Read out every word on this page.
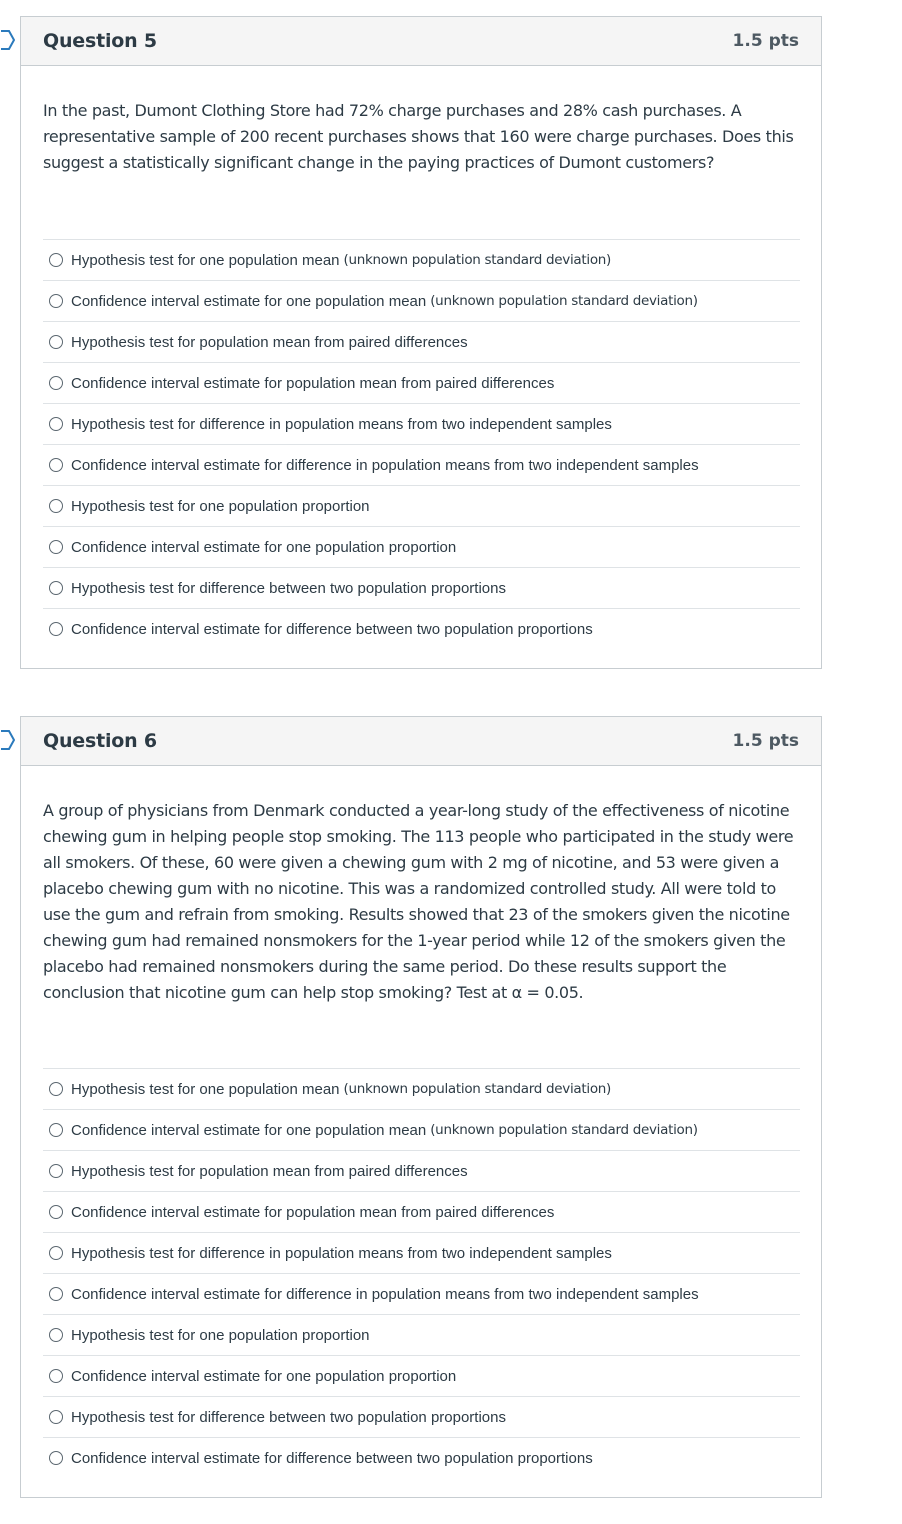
Question 5	1.5 pts

In the past, Dumont Clothing Store had 72% charge purchases and 28% cash purchases. A representative sample of 200 recent purchases shows that 160 were charge purchases. Does this suggest a statistically significant change in the paying practices of Dumont customers?

Hypothesis test for one population mean (unknown population standard deviation)
Confidence interval estimate for one population mean (unknown population standard deviation)
Hypothesis test for population mean from paired differences
Confidence interval estimate for population mean from paired differences
Hypothesis test for difference in population means from two independent samples
Confidence interval estimate for difference in population means from two independent samples
Hypothesis test for one population proportion
Confidence interval estimate for one population proportion
Hypothesis test for difference between two population proportions
Confidence interval estimate for difference between two population proportions
Question 6	1.5 pts

A group of physicians from Denmark conducted a year-long study of the effectiveness of nicotine chewing gum in helping people stop smoking. The 113 people who participated in the study were all smokers. Of these, 60 were given a chewing gum with 2 mg of nicotine, and 53 were given a placebo chewing gum with no nicotine. This was a randomized controlled study. All were told to use the gum and refrain from smoking. Results showed that 23 of the smokers given the nicotine chewing gum had remained nonsmokers for the 1-year period while 12 of the smokers given the placebo had remained nonsmokers during the same period. Do these results support the conclusion that nicotine gum can help stop smoking? Test at α = 0.05.

Hypothesis test for one population mean (unknown population standard deviation)
Confidence interval estimate for one population mean (unknown population standard deviation)
Hypothesis test for population mean from paired differences
Confidence interval estimate for population mean from paired differences
Hypothesis test for difference in population means from two independent samples
Confidence interval estimate for difference in population means from two independent samples
Hypothesis test for one population proportion
Confidence interval estimate for one population proportion
Hypothesis test for difference between two population proportions
Confidence interval estimate for difference between two population proportions
